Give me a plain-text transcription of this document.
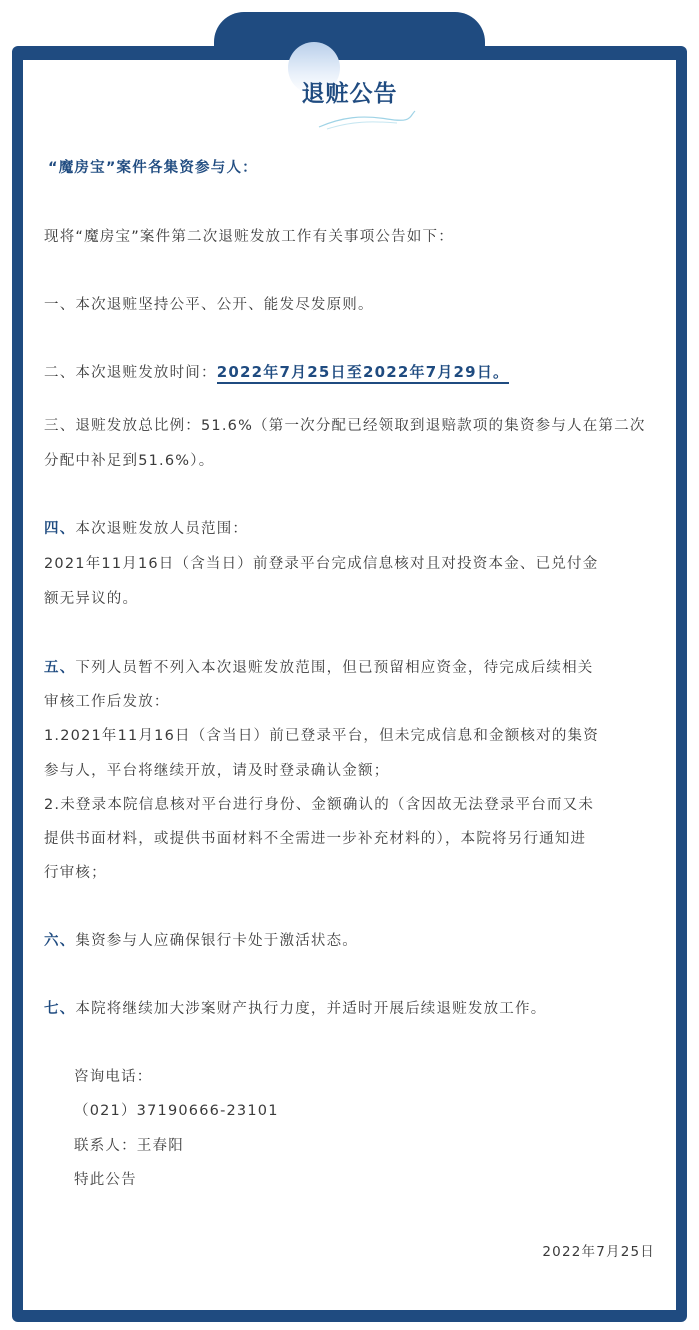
退赃公告
“魔房宝”案件各集资参与人：
现将“魔房宝”案件第二次退赃发放工作有关事项公告如下：
一、本次退赃坚持公平、公开、能发尽发原则。
二、本次退赃发放时间：2022年7月25日至2022年7月29日。
三、退赃发放总比例：51.6%（第一次分配已经领取到退赔款项的集资参与人在第二次
分配中补足到51.6%）。
四、本次退赃发放人员范围：
2021年11月16日（含当日）前登录平台完成信息核对且对投资本金、已兑付金
额无异议的。
五、下列人员暂不列入本次退赃发放范围，但已预留相应资金，待完成后续相关
审核工作后发放：
1.2021年11月16日（含当日）前已登录平台，但未完成信息和金额核对的集资
参与人，平台将继续开放，请及时登录确认金额；
2.未登录本院信息核对平台进行身份、金额确认的（含因故无法登录平台而又未
提供书面材料，或提供书面材料不全需进一步补充材料的），本院将另行通知进
行审核；
六、集资参与人应确保银行卡处于激活状态。
七、本院将继续加大涉案财产执行力度，并适时开展后续退赃发放工作。
咨询电话：
（021）37190666-23101
联系人：王春阳
特此公告
2022年7月25日
